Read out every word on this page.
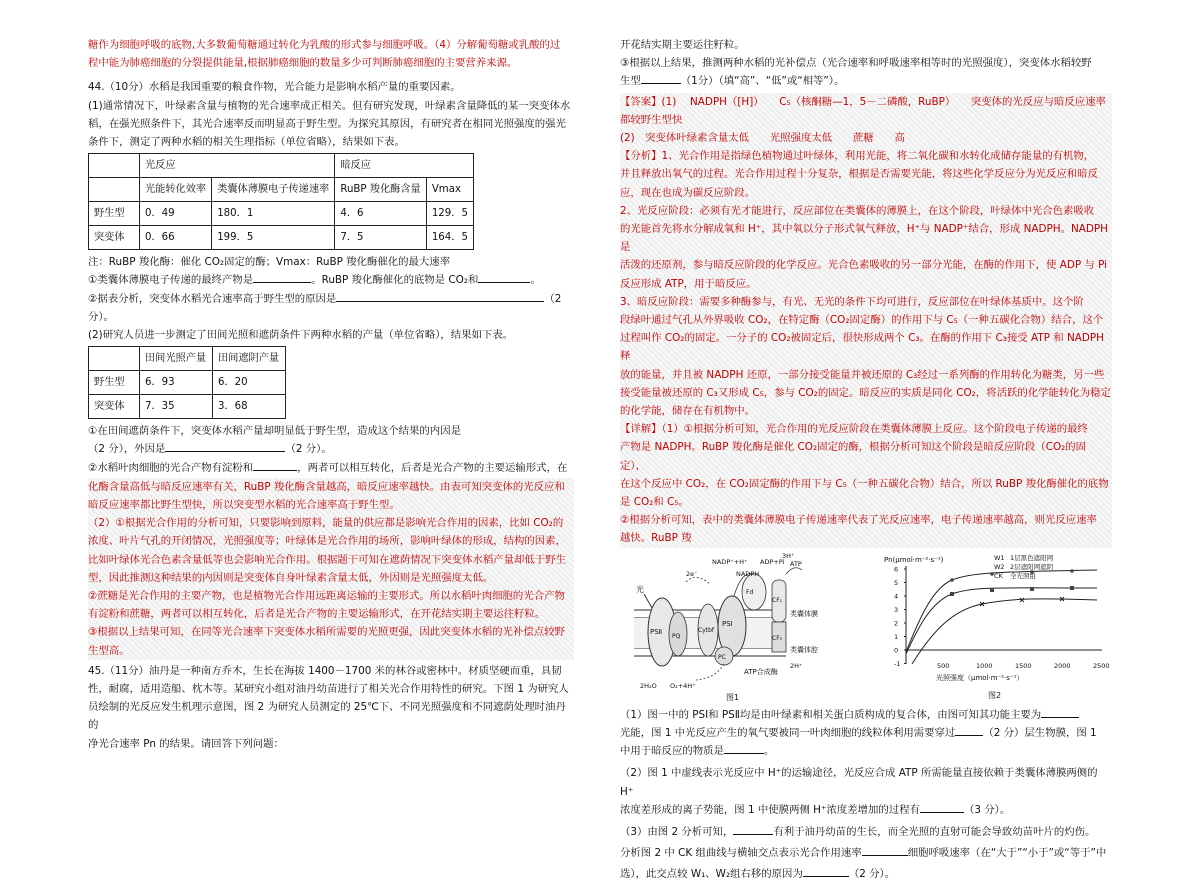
糖作为细胞呼吸的底物,大多数葡萄糖通过转化为乳酸的形式参与细胞呼吸。（4）分解葡萄糖或乳酸的过

程中能为肺癌细胞的分裂提供能量,根据肺癌细胞的数量多少可判断肺癌细胞的主要营养来源。

44.（10分）水稻是我国重要的粮食作物，光合能力是影响水稻产量的重要因素。

(1)通常情况下，叶绿素含量与植物的光合速率成正相关。但有研究发现，叶绿素含量降低的某一突变体水

稻，在强光照条件下，其光合速率反而明显高于野生型。为探究其原因，有研究者在相同光照强度的强光

条件下，测定了两种水稻的相关生理指标（单位省略），结果如下表。

	光反应		暗反应	
	光能转化效率	类囊体薄膜电子传递速率	RuBP 羧化酶含量	Vmax
野生型	0．49	180．1	4．6	129．5
突变体	0．66	199．5	7．5	164．5

注：RuBP 羧化酶：催化 CO₂固定的酶；Vmax：RuBP 羧化酶催化的最大速率

①类囊体薄膜电子传递的最终产物是	。RuBP 羧化酶催化的底物是 CO₂和	。

②据表分析，突变体水稻光合速率高于野生型的原因是	（2

分）。

(2)研究人员进一步测定了田间光照和遮荫条件下两种水稻的产量（单位省略），结果如下表。

	田间光照产量	田间遮阴产量
野生型	6．93	6．20
突变体	7．35	3．68

①在田间遮荫条件下，突变体水稻产量却明显低于野生型，造成这个结果的内因是

（2 分），外因是	（2 分）。

②水稻叶肉细胞的光合产物有淀粉和	，两者可以相互转化，后者是光合产物的主要运输形式，在

化酶含量高低与暗反应速率有关，RuBP 羧化酶含量越高，暗反应速率越快。由表可知突变体的光反应和

暗反应速率都比野生型快，所以突变型水稻的光合速率高于野生型。

（2）①根据光合作用的分析可知，只要影响到原料，能量的供应都是影响光合作用的因素，比如 CO₂的

浓度、叶片气孔的开闭情况，光照强度等；叶绿体是光合作用的场所，影响叶绿体的形成，结构的因素，

比如叶绿体光合色素含量低等也会影响光合作用。根据题干可知在遮荫情况下突变体水稻产量却低于野生

型，因此推测这种结果的内因则是突变体自身叶绿素含量太低，外因则是光照强度太低。

②蔗糖是光合作用的主要产物，也是植物光合作用远距离运输的主要形式。所以水稻叶肉细胞的光合产物

有淀粉和蔗糖，两者可以相互转化，后者是光合产物的主要运输形式，在开花结实期主要运往籽粒。

③根据以上结果可知，在同等光合速率下突变体水稻所需要的光照更强，因此突变体水稻的光补偿点较野

生型高。

45.（11分）油丹是一种南方乔木，生长在海拔 1400－1700 米的林谷或密林中。材质坚硬而重，具韧

性，耐腐，适用造船、枕木等。某研究小组对油丹幼苗进行了相关光合作用特性的研究。下图 1 为研究人

员绘制的光反应发生机理示意图，图 2 为研究人员测定的 25℃下、不同光照强度和不同遮荫处理时油丹的

净光合速率 Pn 的结果。请回答下列问题：

开花结实期主要运往籽粒。

③根据以上结果，推测两种水稻的光补偿点（光合速率和呼吸速率相等时的光照强度），突变体水稻较野

生型	（1分）（填“高”、“低”或“相等”）。

【答案】(1)　 NADPH（[H]）　　C₅（核酮糖—1，5－二磷酸，RuBP）　　突变体的光反应与暗反应速率

都较野生型快

(2)　突变体叶绿素含量太低　　光照强度太低　　蔗糖　　高

【分析】1、光合作用是指绿色植物通过叶绿体，利用光能，将二氧化碳和水转化成储存能量的有机物，

并且释放出氧气的过程。光合作用过程十分复杂，根据是否需要光能，将这些化学反应分为光反应和暗反

应，现在也成为碳反应阶段。

2、光反应阶段：必须有光才能进行，反应部位在类囊体的薄膜上，在这个阶段，叶绿体中光合色素吸收

的光能首先将水分解成氧和 H⁺，其中氧以分子形式氧气释放，H⁺与 NADP⁺结合，形成 NADPH。NADPH 是

活泼的还原剂，参与暗反应阶段的化学反应。光合色素吸收的另一部分光能，在酶的作用下，使 ADP 与 Pi

反应形成 ATP，用于暗反应。

3、暗反应阶段：需要多种酶参与，有光、无光的条件下均可进行，反应部位在叶绿体基质中。这个阶

段绿叶通过气孔从外界吸收 CO₂，在特定酶（CO₂固定酶）的作用下与 C₅（一种五碳化合物）结合，这个

过程叫作 CO₂的固定。一分子的 CO₂被固定后，很快形成两个 C₃。在酶的作用下 C₃接受 ATP 和 NADPH 释

放的能量，并且被 NADPH 还原，一部分接受能量并被还原的 C₃经过一系列酶的作用转化为糖类，另一些

接受能量被还原的 C₃又形成 C₅，参与 CO₂的固定。暗反应的实质是同化 CO₂，将活跃的化学能转化为稳定

的化学能，储存在有机物中。

【详解】（1）①根据分析可知，光合作用的光反应阶段在类囊体薄膜上反应。这个阶段电子传递的最终

产物是 NADPH。RuBP 羧化酶是催化 CO₂固定的酶，根据分析可知这个阶段是暗反应阶段（CO₂的固定），

在这个反应中 CO₂，在 CO₂固定酶的作用下与 C₅（一种五碳化合物）结合，所以 RuBP 羧化酶催化的底物

是 CO₂和 C₅。

②根据分析可知，表中的类囊体薄膜电子传递速率代表了光反应速率，电子传递速率越高，则光反应速率

越快。RuBP 羧

光
NADP⁺+H⁺
NADPH
ADP+Pi ATP
3H⁺
2e⁻
PSⅠ
PSⅡ
PQ
Cytbf
PC
Fd
CF₀
CF₁
类囊体膜
类囊体腔
ATP合成酶
2H₂O O₂+4H⁺
2H⁺
图1
Pn(μmol·m⁻²·s⁻¹)
-1
0
1
2
3
4
5
6
500	1000	1500	2000	2500
W1 1层黑色遮阳网
W2 2层遮阳网遮阴
CK 全光照组
光照强度（μmol·m⁻²·s⁻¹）
图2

（1）图一中的 PSⅠ和 PSⅡ均是由叶绿素和相关蛋白质构成的复合体，由图可知其功能主要为

光能，图 1 中光反应产生的氧气要被同一叶肉细胞的线粒体利用需要穿过	（2 分）层生物膜，图 1

中用于暗反应的物质是	。

（2）图 1 中虚线表示光反应中 H⁺的运输途径，光反应合成 ATP 所需能量直接依赖于类囊体薄膜两侧的 H⁺

浓度差形成的离子势能，图 1 中使膜两侧 H⁺浓度差增加的过程有	（3 分）。

（3）由图 2 分析可知，	有利于油丹幼苗的生长，而全光照的直射可能会导致幼苗叶片的灼伤。

分析图 2 中 CK 组曲线与横轴交点表示光合作用速率	细胞呼吸速率（在“大于”“小于”或“等于”中

选），此交点较 W₁、W₂组右移的原因为	（2 分）。
